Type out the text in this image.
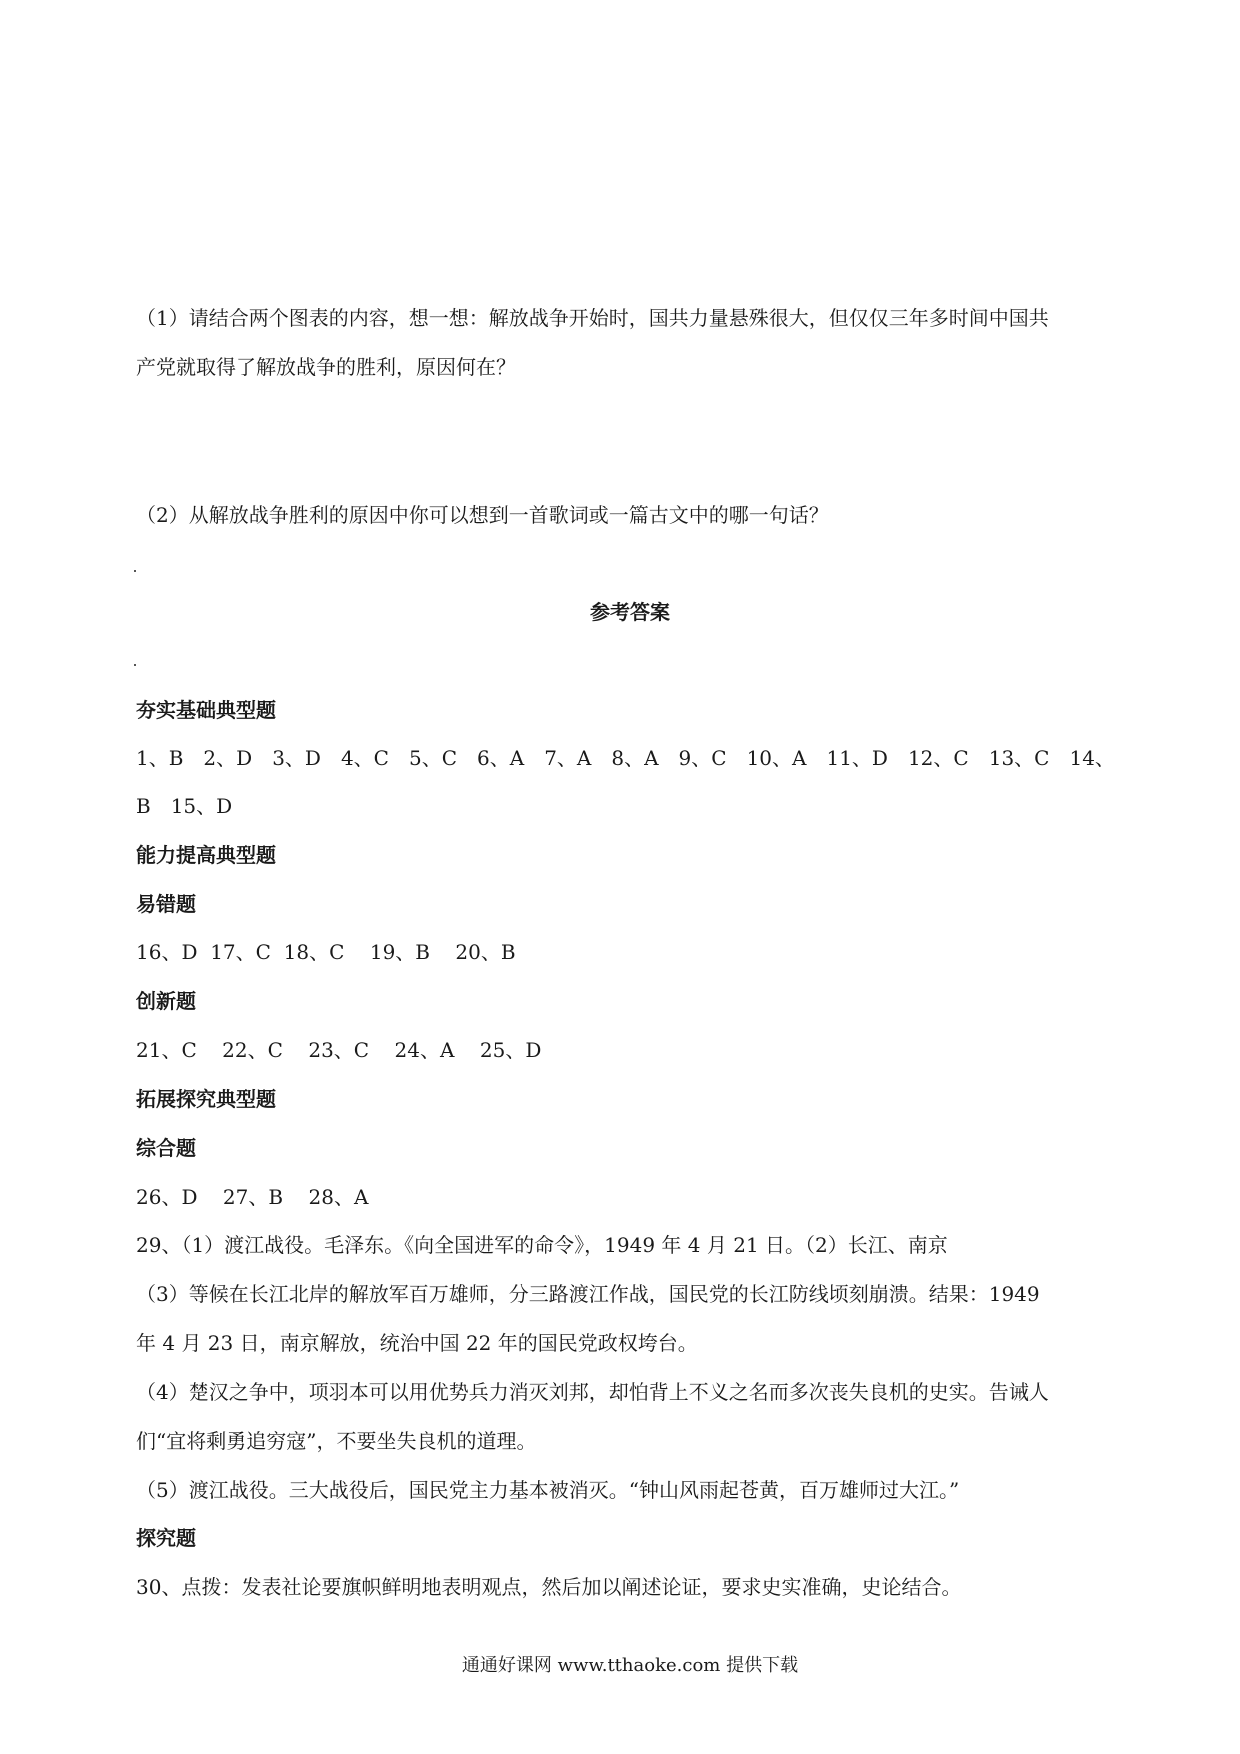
（1）请结合两个图表的内容，想一想：解放战争开始时，国共力量悬殊很大，但仅仅三年多时间中国共
产党就取得了解放战争的胜利，原因何在？
（2）从解放战争胜利的原因中你可以想到一首歌词或一篇古文中的哪一句话？
参考答案
夯实基础典型题
1、B 2、D 3、D 4、C 5、C 6、A 7、A 8、A 9、C 10、A 11、D 12、C 13、C 14、
B 15、D
能力提高典型题
易错题
16、D  17、C  18、C    19、B    20、B
创新题
21、C    22、C    23、C    24、A    25、D
拓展探究典型题
综合题
26、D    27、B    28、A
29、（1）渡江战役。毛泽东。《向全国进军的命令》，1949 年 4 月 21 日。（2）长江、南京
（3）等候在长江北岸的解放军百万雄师，分三路渡江作战，国民党的长江防线顷刻崩溃。结果：1949
年 4 月 23 日，南京解放，统治中国 22 年的国民党政权垮台。
（4）楚汉之争中，项羽本可以用优势兵力消灭刘邦，却怕背上不义之名而多次丧失良机的史实。告诫人
们“宜将剩勇追穷寇”，不要坐失良机的道理。
（5）渡江战役。三大战役后，国民党主力基本被消灭。“钟山风雨起苍黄，百万雄师过大江。”
探究题
30、点拨：发表社论要旗帜鲜明地表明观点，然后加以阐述论证，要求史实准确，史论结合。
通通好课网 www.tthaoke.com 提供下载
